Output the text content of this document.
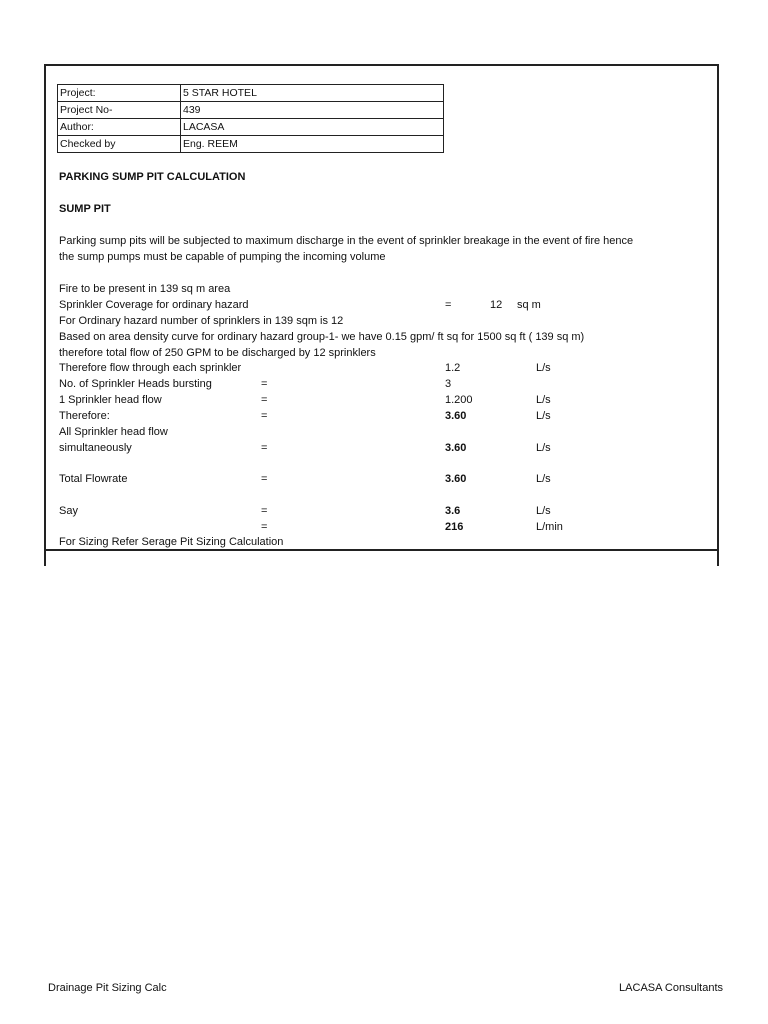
Project:	5 STAR HOTEL
Project No-	439
Author:	LACASA
Checked by	Eng. REEM
PARKING SUMP PIT CALCULATION
SUMP PIT
Parking sump pits will be subjected to maximum discharge in the event of sprinkler breakage in the event of fire hence
the sump pumps must be capable of pumping the incoming volume
Fire to be present in 139 sq m area
Sprinkler Coverage for ordinary hazard	=	12 sq m
For Ordinary hazard number of sprinklers in 139 sqm is 12
Based on area density curve for ordinary hazard group-1- we have 0.15 gpm/ ft sq for 1500 sq ft ( 139 sq m)
therefore total flow of 250 GPM to be discharged by 12 sprinklers
Therefore flow through each sprinkler	1.2	L/s
No. of Sprinkler Heads bursting	=	3
1 Sprinkler head flow	=	1.200	L/s
Therefore:	=	3.60	L/s
All Sprinkler head flow
simultaneously	=	3.60	L/s
Total Flowrate	=	3.60	L/s
Say	=	3.6	L/s
=	216	L/min
For Sizing Refer Serage Pit Sizing Calculation
Drainage Pit Sizing Calc	LACASA Consultants
